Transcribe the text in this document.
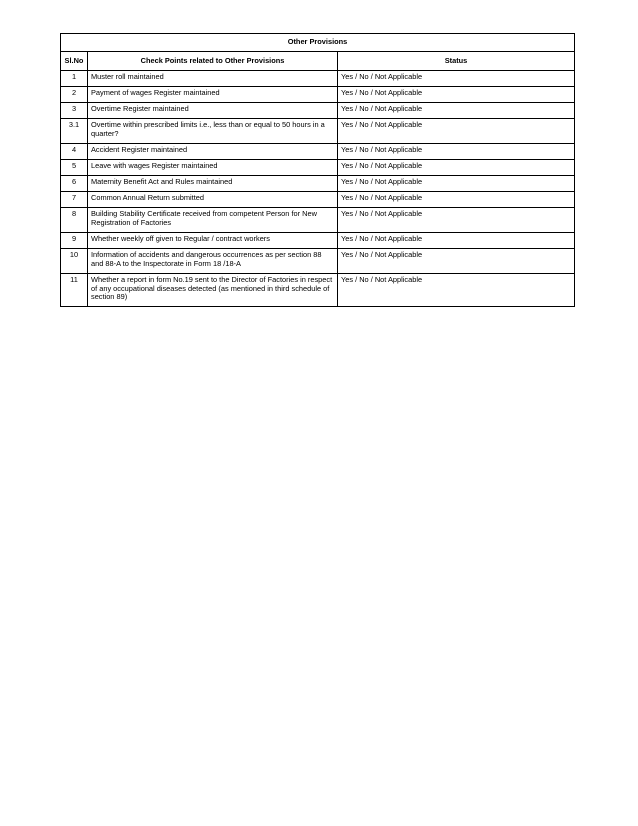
Other Provisions		
Sl.No	Check Points related to Other Provisions	Status
1	Muster roll maintained	Yes / No / Not Applicable
2	Payment of wages Register maintained	Yes / No / Not Applicable
3	Overtime Register maintained	Yes / No / Not Applicable
3.1	Overtime within prescribed limits i.e., less than or equal to 50 hours in a quarter?	Yes / No / Not Applicable
4	Accident Register maintained	Yes / No / Not Applicable
5	Leave with wages Register maintained	Yes / No / Not Applicable
6	Maternity Benefit Act and Rules maintained	Yes / No / Not Applicable
7	Common Annual Return submitted	Yes / No / Not Applicable
8	Building Stability Certificate received from competent Person for New Registration of Factories	Yes / No / Not Applicable
9	Whether weekly off given to Regular / contract workers	Yes / No / Not Applicable
10	Information of accidents and dangerous occurrences as per section 88 and 88-A to the Inspectorate in Form 18 /18-A	Yes / No / Not Applicable
11	Whether a report in form No.19 sent to the Director of Factories in respect of any occupational diseases detected (as mentioned in third schedule of section 89)	Yes / No / Not Applicable
